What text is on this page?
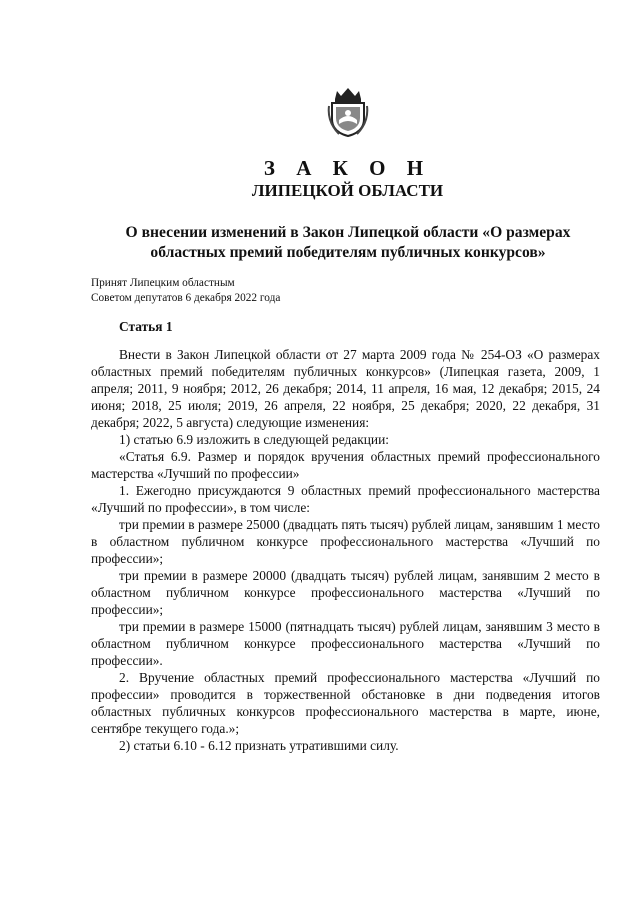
З А К О Н
ЛИПЕЦКОЙ ОБЛАСТИ
О внесении изменений в Закон Липецкой области «О размерах
областных премий победителям публичных конкурсов»
Принят Липецким областным
Советом депутатов 6 декабря 2022 года
Статья 1

Внести в Закон Липецкой области от 27 марта 2009 года № 254-ОЗ «О размерах областных премий победителям публичных конкурсов» (Липецкая газета, 2009, 1 апреля; 2011, 9 ноября; 2012, 26 декабря; 2014, 11 апреля, 16 мая, 12 декабря; 2015, 24 июня; 2018, 25 июля; 2019, 26 апреля, 22 ноября, 25 декабря; 2020, 22 декабря, 31 декабря; 2022, 5 августа) следующие изменения:

1) статью 6.9 изложить в следующей редакции:

«Статья 6.9. Размер и порядок вручения областных премий профессионального мастерства «Лучший по профессии»

1. Ежегодно присуждаются 9 областных премий профессионального мастерства «Лучший по профессии», в том числе:

три премии в размере 25000 (двадцать пять тысяч) рублей лицам, занявшим 1 место в областном публичном конкурсе профессионального мастерства «Лучший по профессии»;

три премии в размере 20000 (двадцать тысяч) рублей лицам, занявшим 2 место в областном публичном конкурсе профессионального мастерства «Лучший по профессии»;

три премии в размере 15000 (пятнадцать тысяч) рублей лицам, занявшим 3 место в областном публичном конкурсе профессионального мастерства «Лучший по профессии».

2. Вручение областных премий профессионального мастерства «Лучший по профессии» проводится в торжественной обстановке в дни подведения итогов областных публичных конкурсов профессионального мастерства в марте, июне, сентябре текущего года.»;

2) статьи 6.10 - 6.12 признать утратившими силу.
